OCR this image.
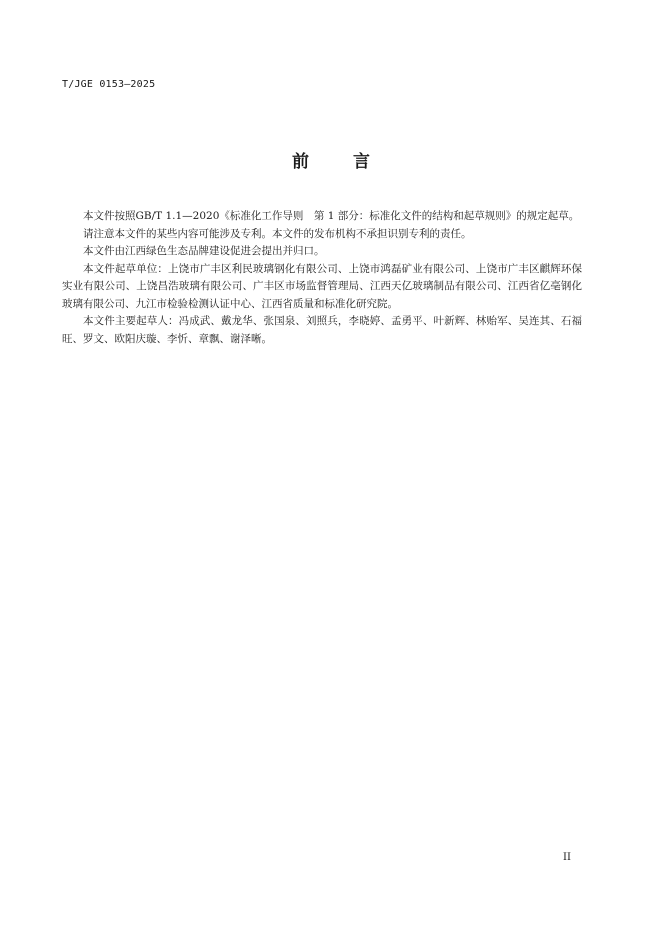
T/JGE 0153—2025
前	言

本文件按照GB/T 1.1—2020《标准化工作导则　第 1 部分：标准化文件的结构和起草规则》的规定起草。

请注意本文件的某些内容可能涉及专利。本文件的发布机构不承担识别专利的责任。

本文件由江西绿色生态品牌建设促进会提出并归口。

本文件起草单位：上饶市广丰区利民玻璃钢化有限公司、上饶市鸿磊矿业有限公司、上饶市广丰区麒辉环保实业有限公司、上饶昌浩玻璃有限公司、广丰区市场监督管理局、江西天亿玻璃制品有限公司、江西省亿亳钢化玻璃有限公司、九江市检验检测认证中心、江西省质量和标准化研究院。

本文件主要起草人：冯成武、戴龙华、张国泉、刘照兵，李晓婷、孟勇平、叶新辉、林贻军、吴连其、石福旺、罗文、欧阳庆璇、李忻、章飘、谢泽晰。

II
